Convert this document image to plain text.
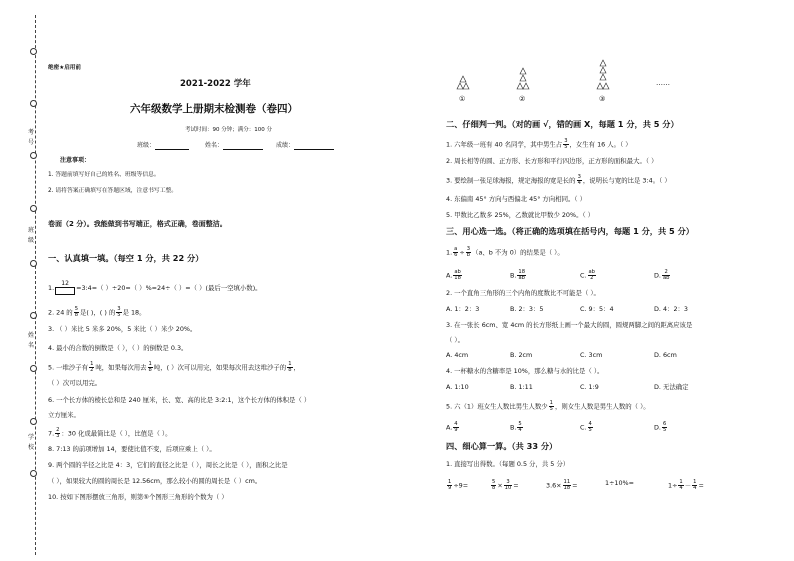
考
号
班
级
姓
名
学
校
绝密★启用前
2021-2022 学年
六年级数学上册期末检测卷（卷四）
考试时间：90 分钟；满分：100 分
班级：	姓名：	成绩：
注意事项：
1. 答题前填写好自己的姓名、班级等信息。
2. 请将答案正确填写在答题区域，注意书写工整。
卷面（2 分）。我能做到书写端正，格式正确，卷面整洁。
一、认真填一填。（每空 1 分，共 22 分）
1.
12
=3:4=（ ）÷20=（ ）%=24÷（ ）=（ ）(最后一空填小数)。
2. 24 的 $\frac{5}{8}$ 是( )，( ) 的 $\frac{3}{5}$ 是 18。
3. （ ）米比 5 米多 20%，5 米比（ ）米少 20%。
4. 最小的合数的倒数是（ ），（ ）的倒数是 0.3。
5. 一堆沙子有 $\frac{1}{2}$ 吨，如果每次用去 $\frac{1}{8}$ 吨，( ）次可以用完，如果每次用去这堆沙子的 $\frac{1}{8}$ ，
（ ）次可以用完。
6. 一个长方体的棱长总和是 240 厘米，长、宽、高的比是 3:2:1，这个长方体的体积是（ ）
立方厘米。
7. $\frac{2}{3}$ ：30 化成最简比是（ ），比值是（ ）。
8. 7:13 的前项增加 14，要使比值不变，后项应乘上（ ）。
9. 两个圆的半径之比是 4：3，它们的直径之比是（ ），周长之比是（ ），面积之比是
（ ），如果较大的圆的周长是 12.56cm，那么较小的圆的周长是（ ）cm。
10. 按如下图形摆放三角形，则第⑤个图形三角形的个数为（ ）
①	②	③
……
二、仔细判一判。（对的画 √，错的画 X，每题 1 分，共 5 分）
1. 六年级一班有 40 名同学，其中男生占 $\frac{3}{5}$ ，女生有 16 人。（ ）
2. 周长相等的圆、正方形、长方形和平行四边形，正方形的面积最大。（ ）
3. 要绘制一张足球海报，规定海报的宽是长的 $\frac{3}{4}$ ，说明长与宽的比是 3:4。（ ）
4. 东偏南 45° 方向与西偏北 45° 方向相同。（ ）
5. 甲数比乙数多 25%，乙数就比甲数少 20%。（ ）
三、用心选一选。（将正确的选项填在括号内，每题 1 分，共 5 分）
1. $\frac{a}{6} \div \frac{3}{b} (a$、b 不为 0）的结果是（ ）。
A. $\frac{ab}{18}$	B. $\frac{18}{ab}$	C. $\frac{ab}{2}$	D. $\frac{2}{ab}$
2. 一个直角三角形的三个内角的度数比不可能是（ ）。
A. 1：2：3	B. 2：3：5	C. 9：5：4	D. 4：2：3
3. 在一张长 6cm、宽 4cm 的长方形纸上画一个最大的圆，圆规两脚之间的距离应该是
（ ）。
A. 4cm	B. 2cm	C. 3cm	D. 6cm
4. 一杯糖水的含糖率是 10%，那么糖与水的比是（ ）。
A. 1:10	B. 1:11	C. 1:9	D. 无法确定
5. 六（1）班女生人数比男生人数少 $\frac{1}{5}$ ，则女生人数是男生人数的（ ）。
A. $\frac{4}{9}$	B. $\frac{5}{4}$	C. $\frac{4}{5}$	D. $\frac{6}{5}$
四、细心算一算。（共 33 分）
1. 直接写出得数。（每题 0.5 分，共 5 分）
$\frac{1}{9} \div 9=$	$\frac{5}{8} \times \frac{3}{10}$ =	$3.6\times \frac{11}{18}$ =	1÷10%=	$1\div \frac{1}{4} - \frac{1}{4}$ =
